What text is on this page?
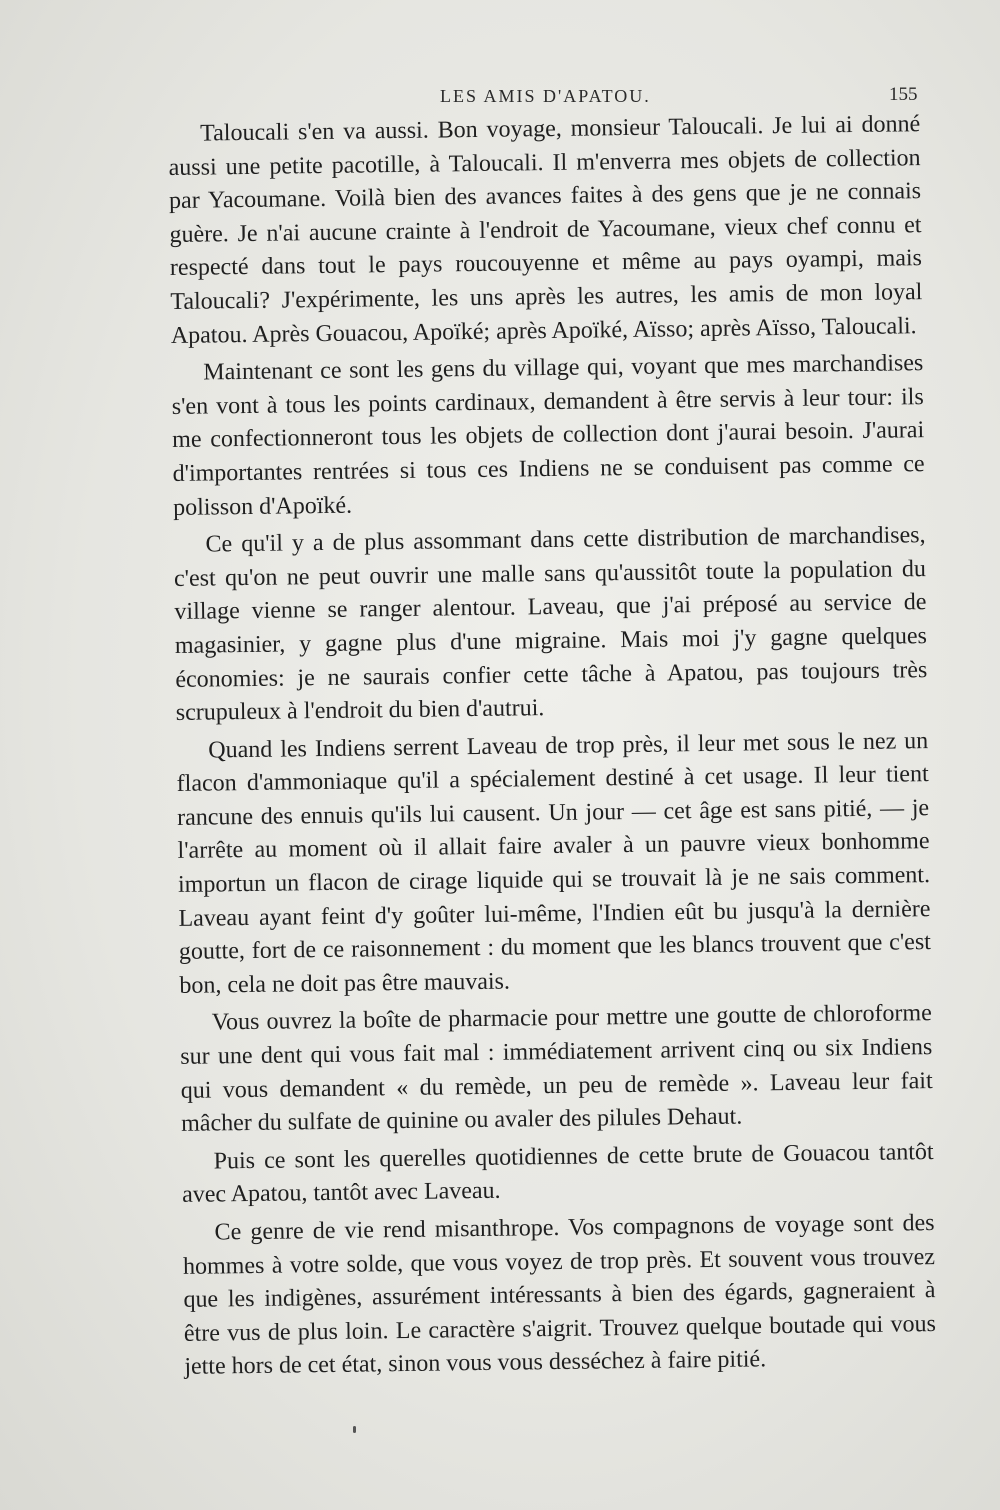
LES AMIS D'APATOU.	155

Taloucali s'en va aussi. Bon voyage, monsieur Taloucali. Je lui ai donné aussi une petite pacotille, à Taloucali. Il m'enverra mes objets de collection par Yacoumane. Voilà bien des avances faites à des gens que je ne connais guère. Je n'ai aucune crainte à l'endroit de Yacoumane, vieux chef connu et respecté dans tout le pays roucouyenne et même au pays oyampi, mais Taloucali? J'expérimente, les uns après les autres, les amis de mon loyal Apatou. Après Gouacou, Apoïké; après Apoïké, Aïsso; après Aïsso, Taloucali.

Maintenant ce sont les gens du village qui, voyant que mes marchandises s'en vont à tous les points cardinaux, demandent à être servis à leur tour: ils me confectionneront tous les objets de collection dont j'aurai besoin. J'aurai d'importantes rentrées si tous ces Indiens ne se conduisent pas comme ce polisson d'Apoïké.

Ce qu'il y a de plus assommant dans cette distribution de marchandises, c'est qu'on ne peut ouvrir une malle sans qu'aussitôt toute la population du village vienne se ranger alentour. Laveau, que j'ai préposé au service de magasinier, y gagne plus d'une migraine. Mais moi j'y gagne quelques économies: je ne saurais confier cette tâche à Apatou, pas toujours très scrupuleux à l'endroit du bien d'autrui.

Quand les Indiens serrent Laveau de trop près, il leur met sous le nez un flacon d'ammoniaque qu'il a spécialement destiné à cet usage. Il leur tient rancune des ennuis qu'ils lui causent. Un jour — cet âge est sans pitié, — je l'arrête au moment où il allait faire avaler à un pauvre vieux bonhomme importun un flacon de cirage liquide qui se trouvait là je ne sais comment. Laveau ayant feint d'y goûter lui-même, l'Indien eût bu jusqu'à la dernière goutte, fort de ce raisonnement : du moment que les blancs trouvent que c'est bon, cela ne doit pas être mauvais.

Vous ouvrez la boîte de pharmacie pour mettre une goutte de chloroforme sur une dent qui vous fait mal : immédiatement arrivent cinq ou six Indiens qui vous demandent « du remède, un peu de remède ». Laveau leur fait mâcher du sulfate de quinine ou avaler des pilules Dehaut.

Puis ce sont les querelles quotidiennes de cette brute de Gouacou tantôt avec Apatou, tantôt avec Laveau.

Ce genre de vie rend misanthrope. Vos compagnons de voyage sont des hommes à votre solde, que vous voyez de trop près. Et souvent vous trouvez que les indigènes, assurément intéressants à bien des égards, gagneraient à être vus de plus loin. Le caractère s'aigrit. Trouvez quelque boutade qui vous jette hors de cet état, sinon vous vous desséchez à faire pitié.
